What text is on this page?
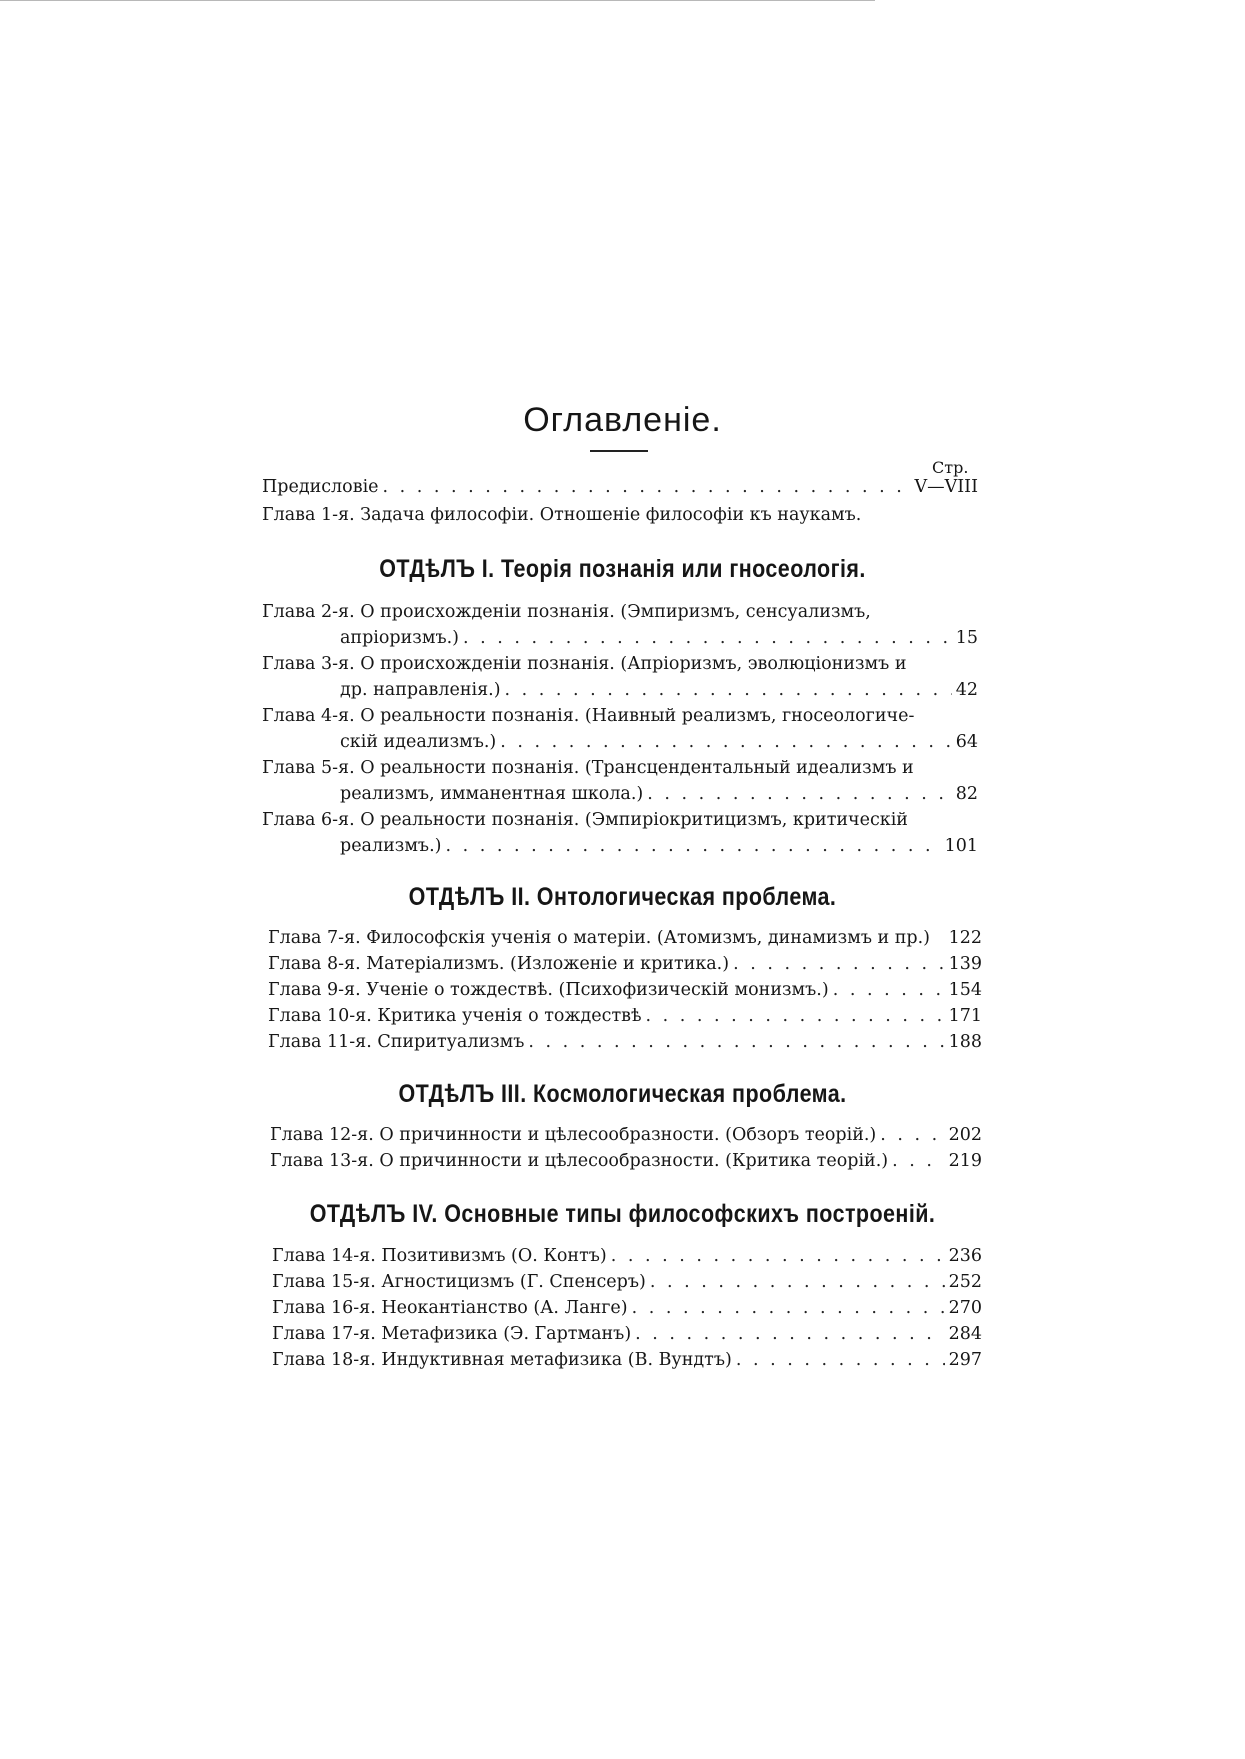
Оглавленіе.
Стр.
Предисловіе . . .	V—VIII
Глава 1-я. Задача философіи. Отношеніе философіи къ наукамъ.
ОТДѣЛЪ I. Теорія познанія или гносеологія.
Глава 2-я. О происхожденіи познанія. (Эмпиризмъ, сенсуализмъ,
апріоризмъ.) . . .	15
Глава 3-я. О происхожденіи познанія. (Апріоризмъ, эволюціонизмъ и
др. направленія.) . . .	42
Глава 4-я. О реальности познанія. (Наивный реализмъ, гносеологиче-
скій идеализмъ.) . . .	64
Глава 5-я. О реальности познанія. (Трансцендентальный идеализмъ и
реализмъ, имманентная школа.) . . .	82
Глава 6-я. О реальности познанія. (Эмпиріокритицизмъ, критическій
реализмъ.) . . .	101
ОТДѣЛЪ II. Онтологическая проблема.
Глава 7-я. Философскія ученія о матеріи. (Атомизмъ, динамизмъ и пр.) 122
Глава 8-я. Матеріализмъ. (Изложеніе и критика.) . . .	139
Глава 9-я. Ученіе о тождествѣ. (Психофизическій монизмъ.) . . .	154
Глава 10-я. Критика ученія о тождествѣ . . .	171
Глава 11-я. Спиритуализмъ . . .	188
ОТДѣЛЪ III. Космологическая проблема.
Глава 12-я. О причинности и цѣлесообразности. (Обзоръ теорій.) . . .	202
Глава 13-я. О причинности и цѣлесообразности. (Критика теорій.) . . .	219
ОТДѣЛЪ IV. Основные типы философскихъ построеній.
Глава 14-я. Позитивизмъ (О. Контъ) . . .	236
Глава 15-я. Агностицизмъ (Г. Спенсеръ) . . .	252
Глава 16-я. Неокантіанство (А. Ланге) . . .	270
Глава 17-я. Метафизика (Э. Гартманъ) . . .	284
Глава 18-я. Индуктивная метафизика (В. Вундтъ) . . .	297
